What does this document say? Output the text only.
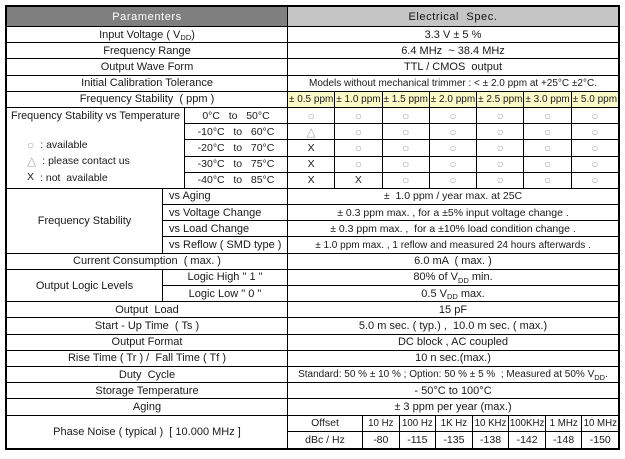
Paramenters	Electrical  Spec.
Input Voltage ( $V_{DD}$)	3.3 V ± 5 %
Frequency Range	6.4 MHz  ~ 38.4 MHz
Output Wave Form	TTL / CMOS  output
Initial Calibration Tolerance	Models without mechanical trimmer : < ± 2.0 ppm at +25°C ±2°C.
Frequency Stability  ( ppm )	± 0.5 ppm ± 1.0 ppm ± 1.5 ppm ± 2.0 ppm ± 2.5 ppm ± 3.0 ppm ± 5.0 ppm
Frequency Stability vs Temperature
○ : available
△ : please contact us
X : not  available
0°C   to   50°C	○	○	○	○	○	○	○
-10°C   to   60°C	△	○	○	○	○	○	○
-20°C   to   70°C	X	○	○	○	○	○	○
-30°C   to   75°C	X	○	○	○	○	○	○
-40°C   to   85°C	X	X	○	○	○	○	○
Frequency Stability
vs Aging	±  1.0 ppm / year max. at 25C
vs Voltage Change	± 0.3 ppm max. , for a ±5% input voltage change .
vs Load Change	± 0.3 ppm max. ,  for a ±10% load condition change .
vs Reflow ( SMD type )	± 1.0 ppm max. , 1 reflow and measured 24 hours afterwards .
Current Consumption  ( max. )	6.0 mA  ( max. )
Output Logic Levels
Logic High " 1 "	80% of $V_{DD}$ min.
Logic Low " 0 "	0.5 $V_{DD}$ max.
Output  Load	15 pF
Start - Up Time  ( Ts )	5.0 m sec. ( typ.) ,  10.0 m sec. ( max.)
Output Format	DC block , AC coupled
Rise Time ( Tr ) /  Fall Time ( Tf )	10 n sec.(max.)
Duty  Cycle	Standard: 50 % ± 10 % ; Option: 50 % ± 5 %  ; Measured at 50% $V_{DD}$.
Storage Temperature	- 50°C to 100°C
Aging	± 3 ppm per year (max.)
Phase Noise ( typical )  [ 10.000 MHz ]
Offset	10 Hz 100 Hz 1K Hz 10 KHz 100KHz 1 MHz 10 MHz
dBc / Hz	-80 -115 -135 -138 -142 -148 -150
